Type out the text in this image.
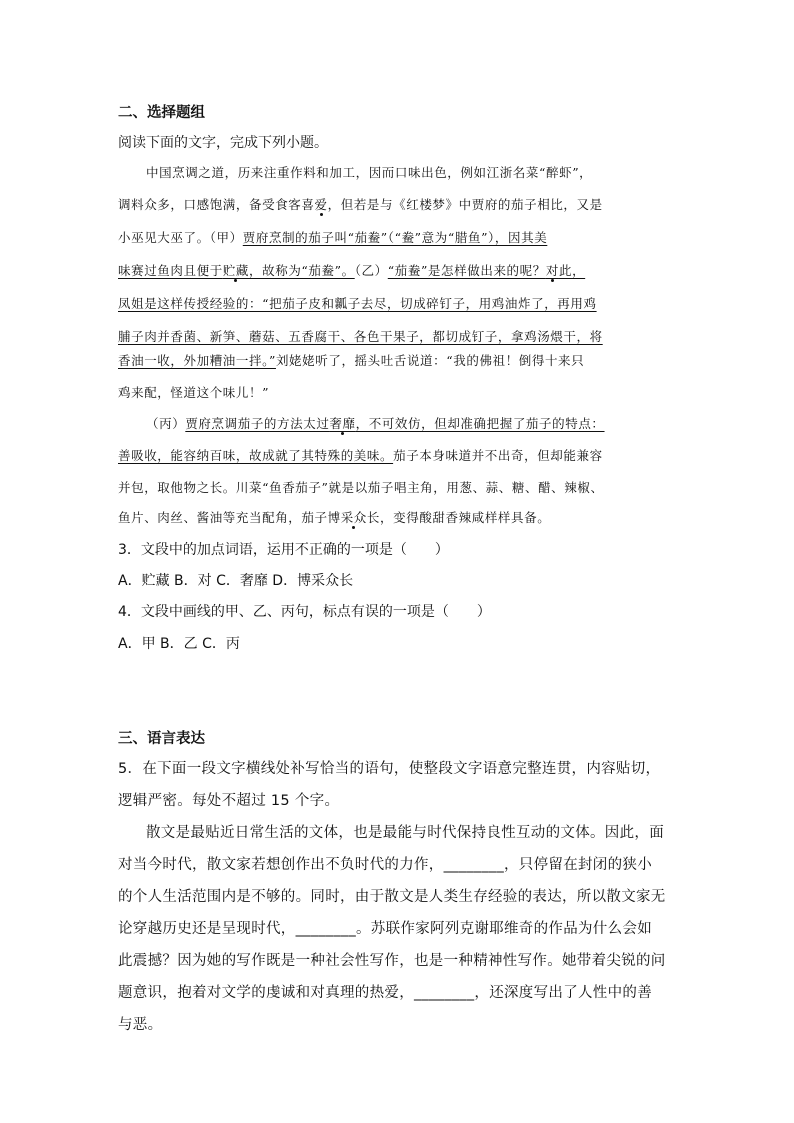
二、选择题组
阅读下面的文字，完成下列小题。
中国烹调之道，历来注重作料和加工，因而口味出色，例如江浙名菜“醉虾”，
调料众多，口感饱满，备受食客喜爱，但若是与《红楼梦》中贾府的茄子相比，又是
小巫见大巫了。（甲）贾府烹制的茄子叫“茄鲞”（“鲞”意为“腊鱼”），因其美
味赛过鱼肉且便于贮藏，故称为“茄鲞”。（乙）“茄鲞”是怎样做出来的呢？对此，
凤姐是这样传授经验的：“把茄子皮和瓤子去尽，切成碎钉子，用鸡油炸了，再用鸡
脯子肉并香菌、新笋、蘑菇、五香腐干、各色干果子，都切成钉子，拿鸡汤煨干，将
香油一收，外加糟油一拌。”刘姥姥听了，摇头吐舌说道：“我的佛祖！倒得十来只
鸡来配，怪道这个味儿！”
（丙）贾府烹调茄子的方法太过奢靡，不可效仿，但却准确把握了茄子的特点：
善吸收，能容纳百味，故成就了其特殊的美味。茄子本身味道并不出奇，但却能兼容
并包，取他物之长。川菜“鱼香茄子”就是以茄子唱主角，用葱、蒜、糖、醋、辣椒、
鱼片、肉丝、酱油等充当配角，茄子博采众长，变得酸甜香辣咸样样具备。
3．文段中的加点词语，运用不正确的一项是（　　）
A．贮藏 B．对 C．奢靡 D．博采众长
4．文段中画线的甲、乙、丙句，标点有误的一项是（　　）
A．甲 B．乙 C．丙
三、语言表达
5．在下面一段文字横线处补写恰当的语句，使整段文字语意完整连贯，内容贴切，
逻辑严密。每处不超过 15 个字。
散文是最贴近日常生活的文体，也是最能与时代保持良性互动的文体。因此，面
对当今时代，散文家若想创作出不负时代的力作，________，只停留在封闭的狭小
的个人生活范围内是不够的。同时，由于散文是人类生存经验的表达，所以散文家无
论穿越历史还是呈现时代，________。苏联作家阿列克谢耶维奇的作品为什么会如
此震撼？因为她的写作既是一种社会性写作，也是一种精神性写作。她带着尖锐的问
题意识，抱着对文学的虔诚和对真理的热爱，________，还深度写出了人性中的善
与恶。
